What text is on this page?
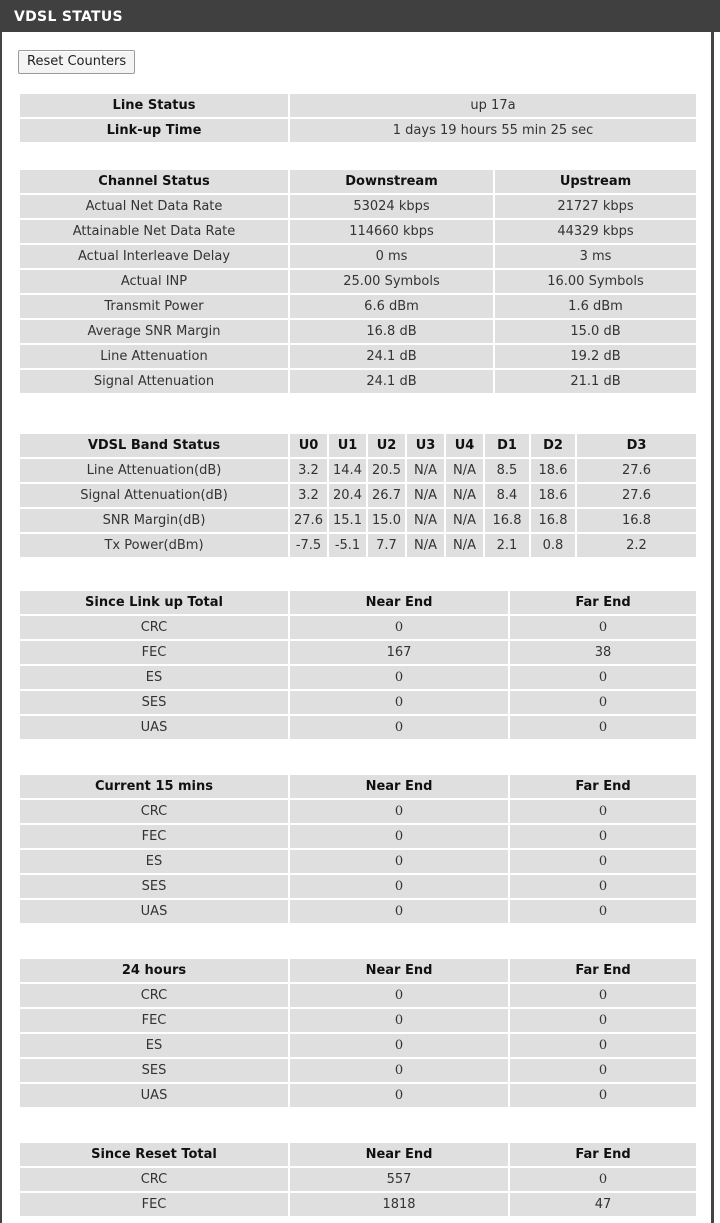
VDSL STATUS
Reset Counters
Line Status	up 17a
Link-up Time	1 days 19 hours 55 min 25 sec
Channel Status	Downstream	Upstream
Actual Net Data Rate	53024 kbps	21727 kbps
Attainable Net Data Rate	114660 kbps	44329 kbps
Actual Interleave Delay	0 ms	3 ms
Actual INP	25.00 Symbols	16.00 Symbols
Transmit Power	6.6 dBm	1.6 dBm
Average SNR Margin	16.8 dB	15.0 dB
Line Attenuation	24.1 dB	19.2 dB
Signal Attenuation	24.1 dB	21.1 dB
VDSL Band Status	U0	U1	U2	U3	U4	D1	D2	D3
Line Attenuation(dB)	3.2	14.4	20.5	N/A	N/A	8.5	18.6	27.6
Signal Attenuation(dB)	3.2	20.4	26.7	N/A	N/A	8.4	18.6	27.6
SNR Margin(dB)	27.6	15.1	15.0	N/A	N/A	16.8	16.8	16.8
Tx Power(dBm)	-7.5	-5.1	7.7	N/A	N/A	2.1	0.8	2.2
Since Link up Total	Near End	Far End
CRC	0	0
FEC	167	38
ES	0	0
SES	0	0
UAS	0	0
Current 15 mins	Near End	Far End
CRC	0	0
FEC	0	0
ES	0	0
SES	0	0
UAS	0	0
24 hours	Near End	Far End
CRC	0	0
FEC	0	0
ES	0	0
SES	0	0
UAS	0	0
Since Reset Total	Near End	Far End
CRC	557	0
FEC	1818	47
